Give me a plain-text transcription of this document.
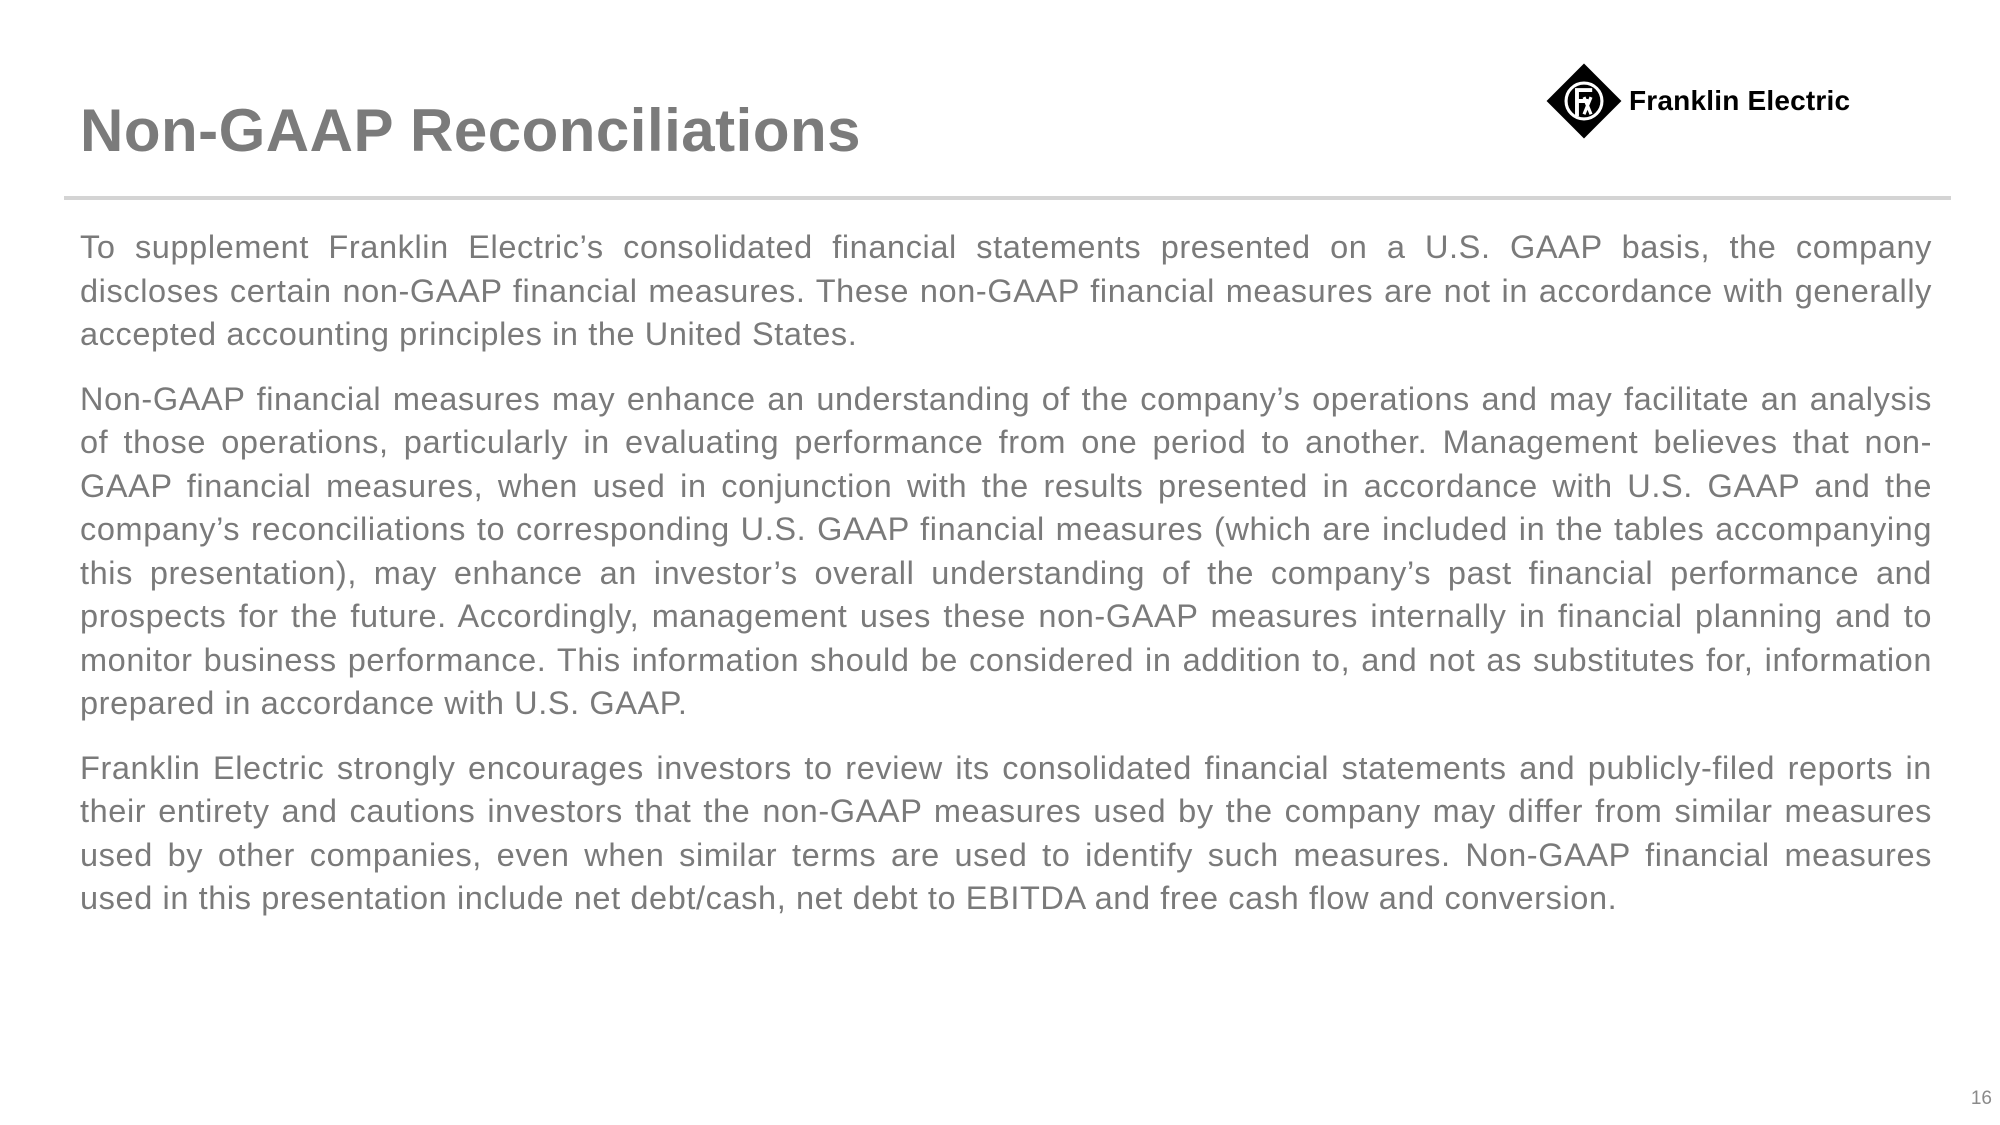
Non-GAAP Reconciliations	Franklin Electric

To supplement Franklin Electric’s consolidated financial statements presented on a U.S. GAAP basis, the company discloses certain non-GAAP financial measures. These non-GAAP financial measures are not in accordance with generally accepted accounting principles in the United States.

Non-GAAP financial measures may enhance an understanding of the company’s operations and may facilitate an analysis of those operations, particularly in evaluating performance from one period to another. Management believes that non-GAAP financial measures, when used in conjunction with the results presented in accordance with U.S. GAAP and the company’s reconciliations to corresponding U.S. GAAP financial measures (which are included in the tables accompanying this presentation), may enhance an investor’s overall understanding of the company’s past financial performance and prospects for the future. Accordingly, management uses these non-GAAP measures internally in financial planning and to monitor business performance. This information should be considered in addition to, and not as substitutes for, information prepared in accordance with U.S. GAAP.

Franklin Electric strongly encourages investors to review its consolidated financial statements and publicly-filed reports in their entirety and cautions investors that the non-GAAP measures used by the company may differ from similar measures used by other companies, even when similar terms are used to identify such measures. Non-GAAP financial measures used in this presentation include net debt/cash, net debt to EBITDA and free cash flow and conversion.

16
